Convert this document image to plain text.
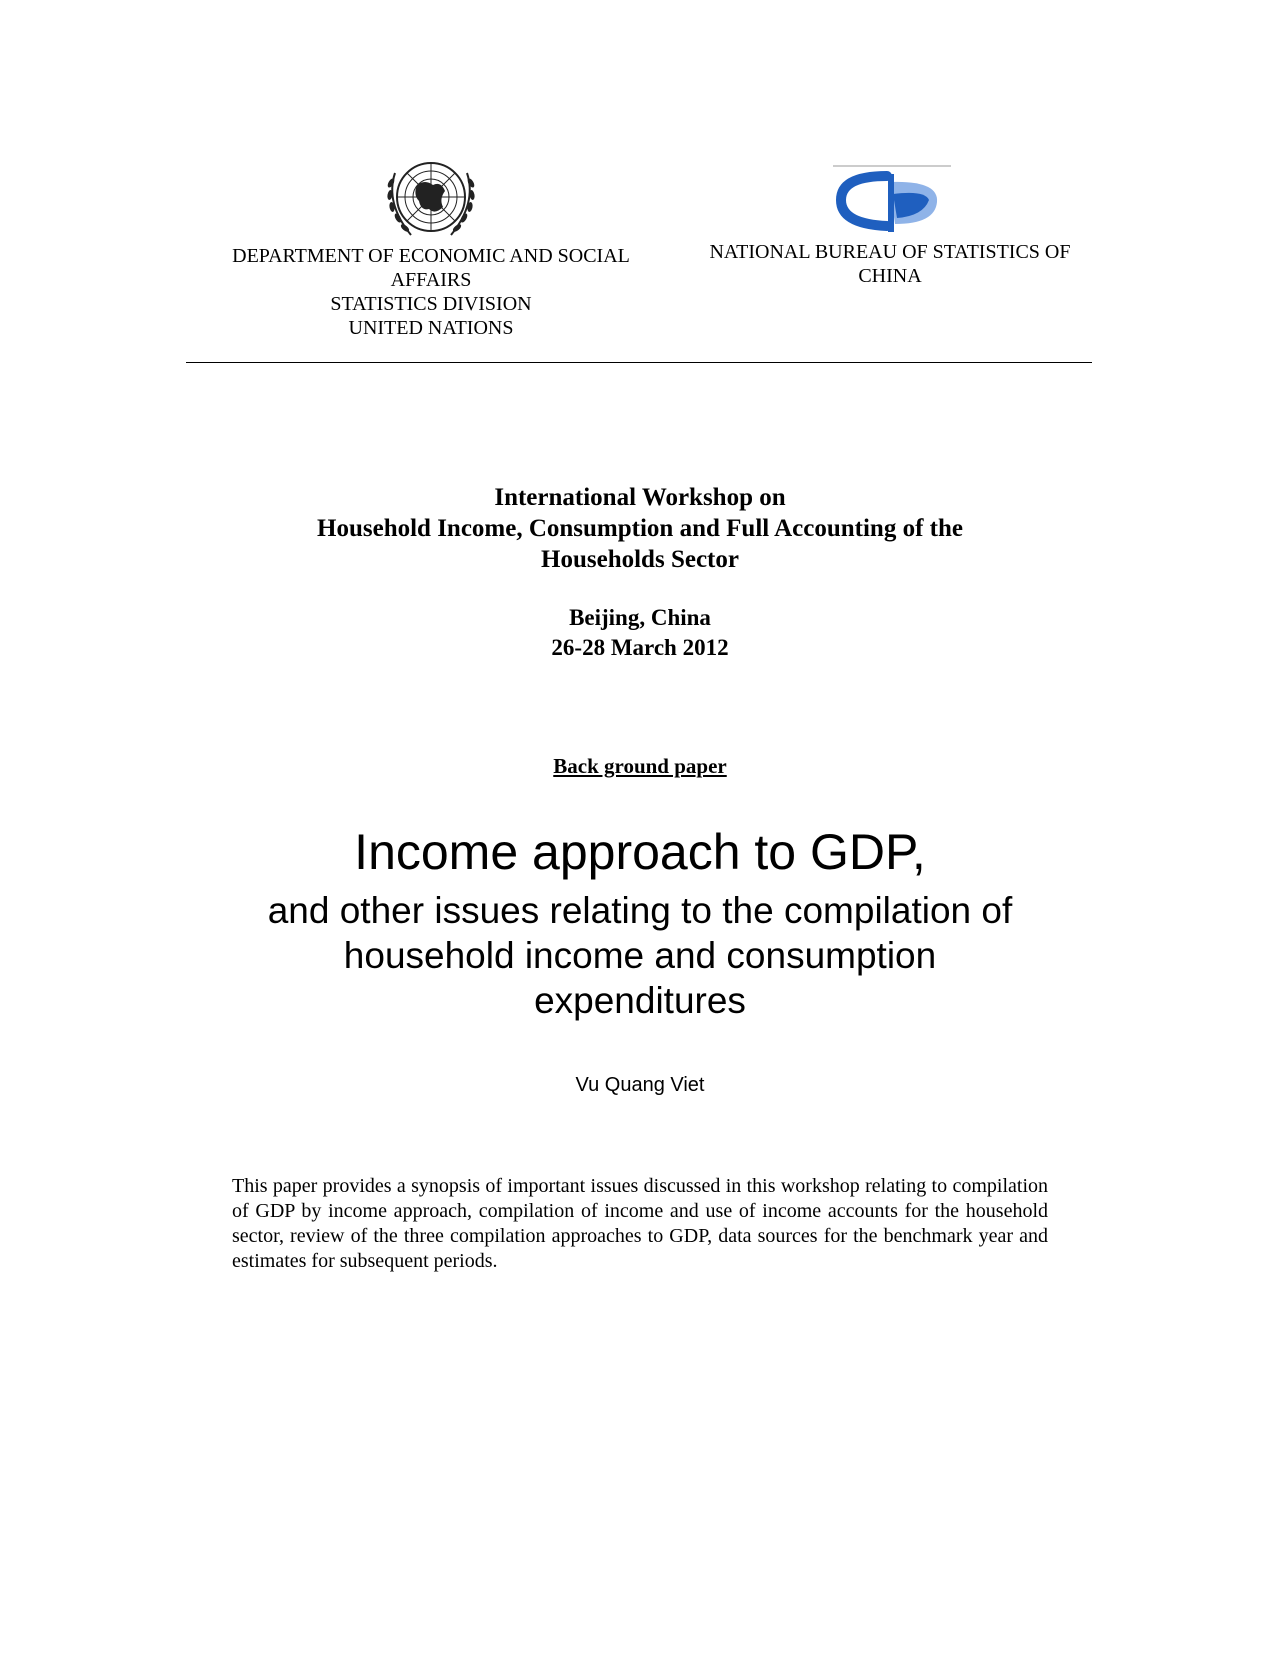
DEPARTMENT OF ECONOMIC AND SOCIAL
AFFAIRS
STATISTICS DIVISION
UNITED NATIONS
NATIONAL BUREAU OF STATISTICS OF
CHINA
International Workshop on
Household Income, Consumption and Full Accounting of the
Households Sector
Beijing, China
26-28 March 2012
Back ground paper
Income approach to GDP,
and other issues relating to the compilation of
household income and consumption
expenditures
Vu Quang Viet
This paper provides a synopsis of important issues discussed in this workshop relating to compilation of GDP by income approach, compilation of income and use of income accounts for the household sector, review of the three compilation approaches to GDP, data sources for the benchmark year and estimates for subsequent periods.
